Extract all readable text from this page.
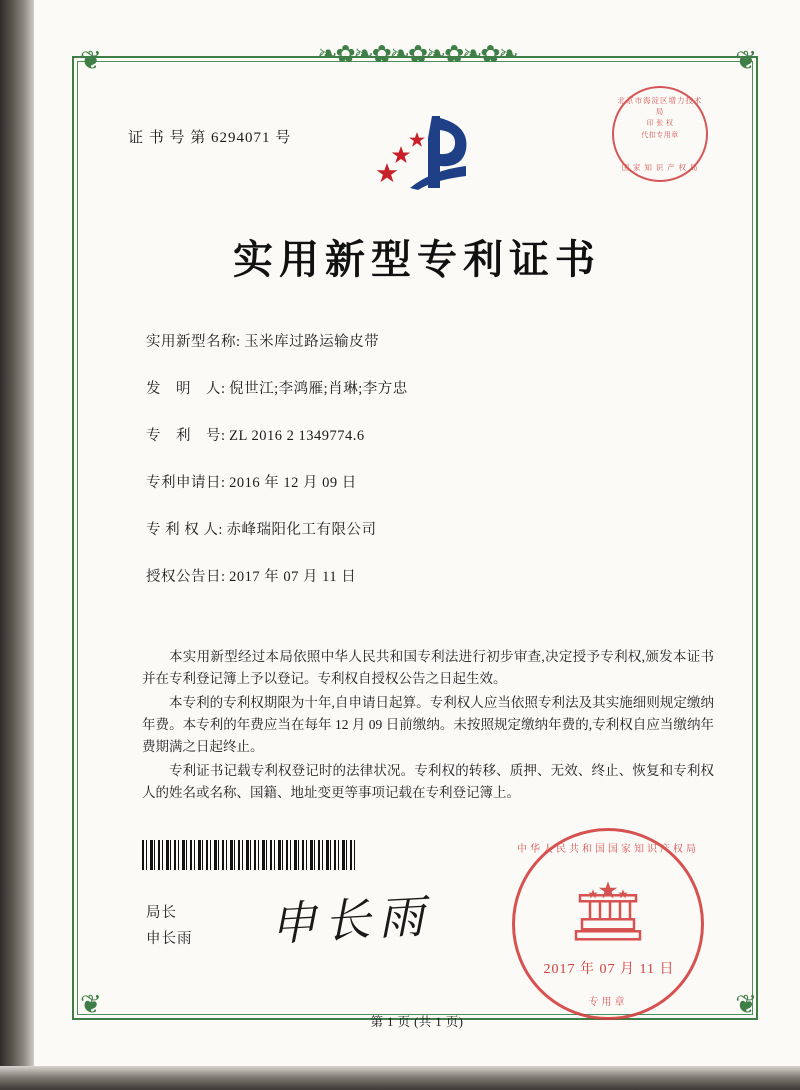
❧✿❧✿❧✿❧✿❧✿❧
❦	❦
❦	❦
证 书 号 第 6294071 号
北京市海淀区增力技术局
印 张 权
代扣专用章
国 家 知 识 产 权 局
实用新型专利证书
实用新型名称: 玉米库过路运输皮带
发　明　人: 倪世江;李鸿雁;肖琳;李方忠
专　利　号: ZL 2016 2 1349774.6
专利申请日: 2016 年 12 月 09 日
专 利 权 人: 赤峰瑞阳化工有限公司
授权公告日: 2017 年 07 月 11 日

本实用新型经过本局依照中华人民共和国专利法进行初步审查,决定授予专利权,颁发本证书并在专利登记簿上予以登记。专利权自授权公告之日起生效。

本专利的专利权期限为十年,自申请日起算。专利权人应当依照专利法及其实施细则规定缴纳年费。本专利的年费应当在每年 12 月 09 日前缴纳。未按照规定缴纳年费的,专利权自应当缴纳年费期满之日起终止。

专利证书记载专利权登记时的法律状况。专利权的转移、质押、无效、终止、恢复和专利权人的姓名或名称、国籍、地址变更等事项记载在专利登记簿上。

局长
申长雨 申长雨
中华人民共和国国家知识产权局
专用章
2017 年 07 月 11 日
第 1 页 (共 1 页)
